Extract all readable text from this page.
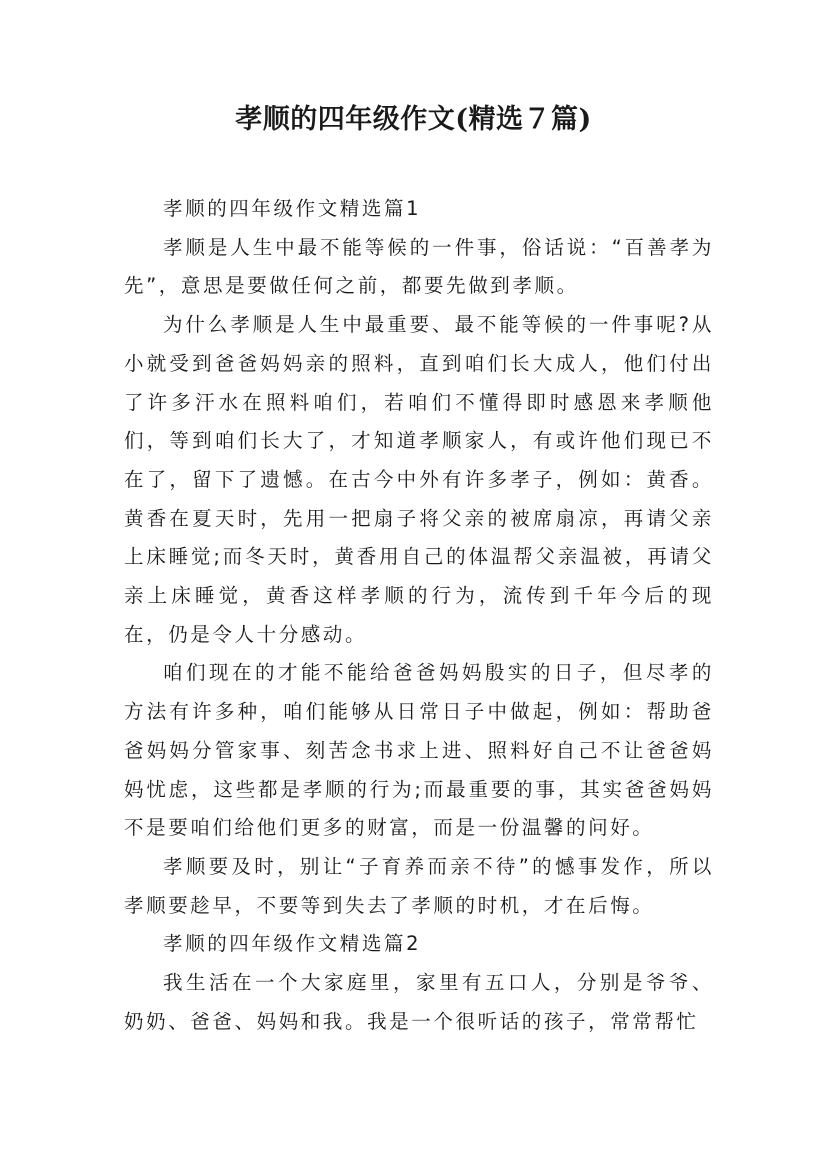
孝顺的四年级作文(精选７篇)

孝顺的四年级作文精选篇1

孝顺是人生中最不能等候的一件事，俗话说：“百善孝为先”，意思是要做任何之前，都要先做到孝顺。

为什么孝顺是人生中最重要、最不能等候的一件事呢?从小就受到爸爸妈妈亲的照料，直到咱们长大成人，他们付出了许多汗水在照料咱们，若咱们不懂得即时感恩来孝顺他们，等到咱们长大了，才知道孝顺家人，有或许他们现已不在了，留下了遗憾。在古今中外有许多孝子，例如：黄香。黄香在夏天时，先用一把扇子将父亲的被席扇凉，再请父亲上床睡觉;而冬天时，黄香用自己的体温帮父亲温被，再请父亲上床睡觉，黄香这样孝顺的行为，流传到千年今后的现在，仍是令人十分感动。

咱们现在的才能不能给爸爸妈妈殷实的日子，但尽孝的方法有许多种，咱们能够从日常日子中做起，例如：帮助爸爸妈妈分管家事、刻苦念书求上进、照料好自己不让爸爸妈妈忧虑，这些都是孝顺的行为;而最重要的事，其实爸爸妈妈不是要咱们给他们更多的财富，而是一份温馨的问好。

孝顺要及时，别让“子育养而亲不待”的憾事发作，所以孝顺要趁早，不要等到失去了孝顺的时机，才在后悔。

孝顺的四年级作文精选篇2

我生活在一个大家庭里，家里有五口人，分别是爷爷、奶奶、爸爸、妈妈和我。我是一个很听话的孩子，常常帮忙
